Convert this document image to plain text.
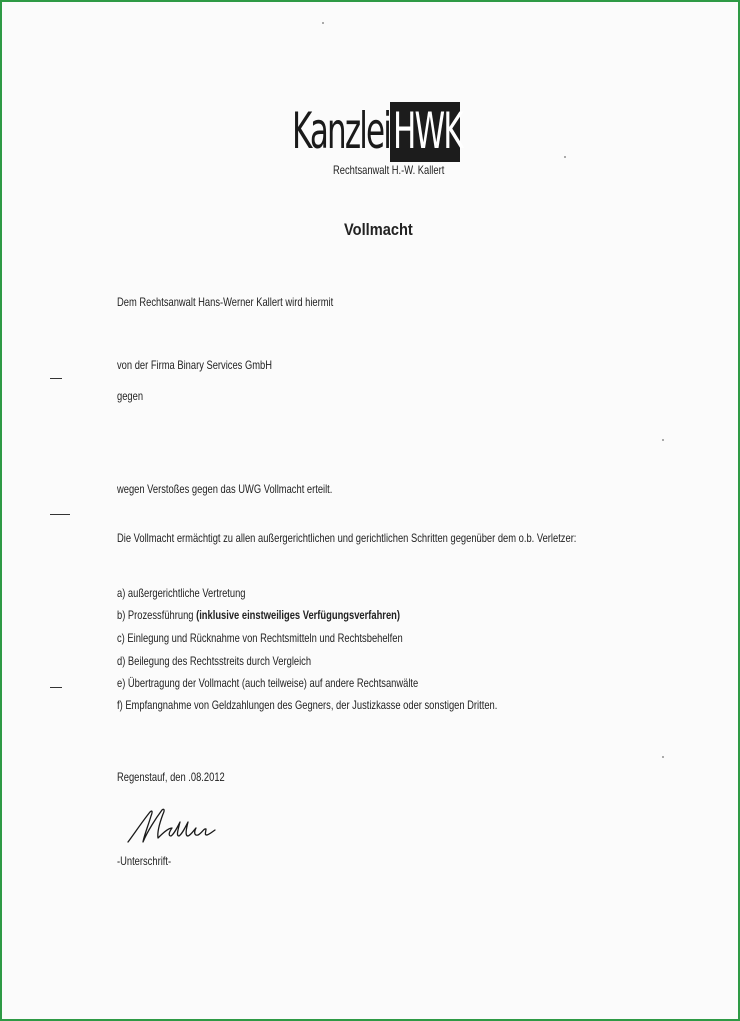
Kanzlei HWK
Rechtsanwalt H.-W. Kallert
Vollmacht
Dem Rechtsanwalt Hans-Werner Kallert wird hiermit
von der Firma Binary Services GmbH
gegen
wegen Verstoßes gegen das UWG Vollmacht erteilt.
Die Vollmacht ermächtigt zu allen außergerichtlichen und gerichtlichen Schritten gegenüber dem o.b. Verletzer:
a) außergerichtliche Vertretung
b) Prozessführung (inklusive einstweiliges Verfügungsverfahren)
c) Einlegung und Rücknahme von Rechtsmitteln und Rechtsbehelfen
d) Beilegung des Rechtsstreits durch Vergleich
e) Übertragung der Vollmacht (auch teilweise) auf andere Rechtsanwälte
f) Empfangnahme von Geldzahlungen des Gegners, der Justizkasse oder sonstigen Dritten.
Regenstauf, den .08.2012
-Unterschrift-
